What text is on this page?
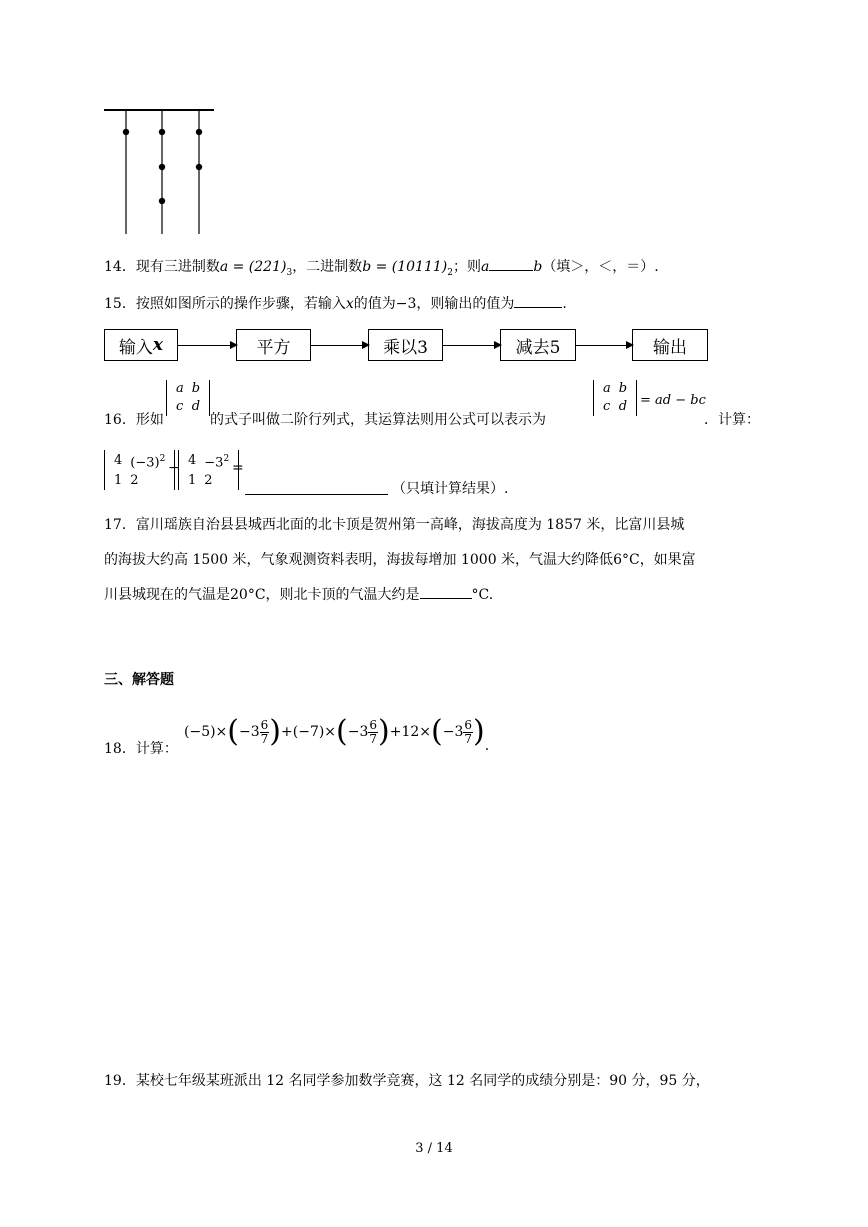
14．现有三进制数$a = (221)_3$，二进制数$b = (10111)_2$；则a	b（填＞，＜，＝）.
15．按照如图所示的操作步骤，若输入x的值为−3，则输出的值为	.
输入 x	平方	乘以3	减去5	输出
16．形如
a	b
c	d
的式子叫做二阶行列式，其运算法则用公式可以表示为
a	b
c	d = ad − bc
．计算：
4	$(-3)^2$
1	2
− 4	$-3^2$
1	2
=
（只填计算结果）.
17．富川瑶族自治县县城西北面的北卡顶是贺州第一高峰，海拔高度为 1857 米，比富川县城
的海拔大约高 1500 米，气象观测资料表明，海拔每增加 1000 米，气温大约降低6°C，如果富
川县城现在的气温是20°C，则北卡顶的气温大约是	°C.
三、解答题
18．计算：
(−5)× ( $-3 \frac{6}{7}$ ) +(−7)× ( $-3 \frac{6}{7}$ ) +12× ( $-3 \frac{6}{7}$ ) .
19．某校七年级某班派出 12 名同学参加数学竞赛，这 12 名同学的成绩分别是：90 分，95 分，
3 / 14
